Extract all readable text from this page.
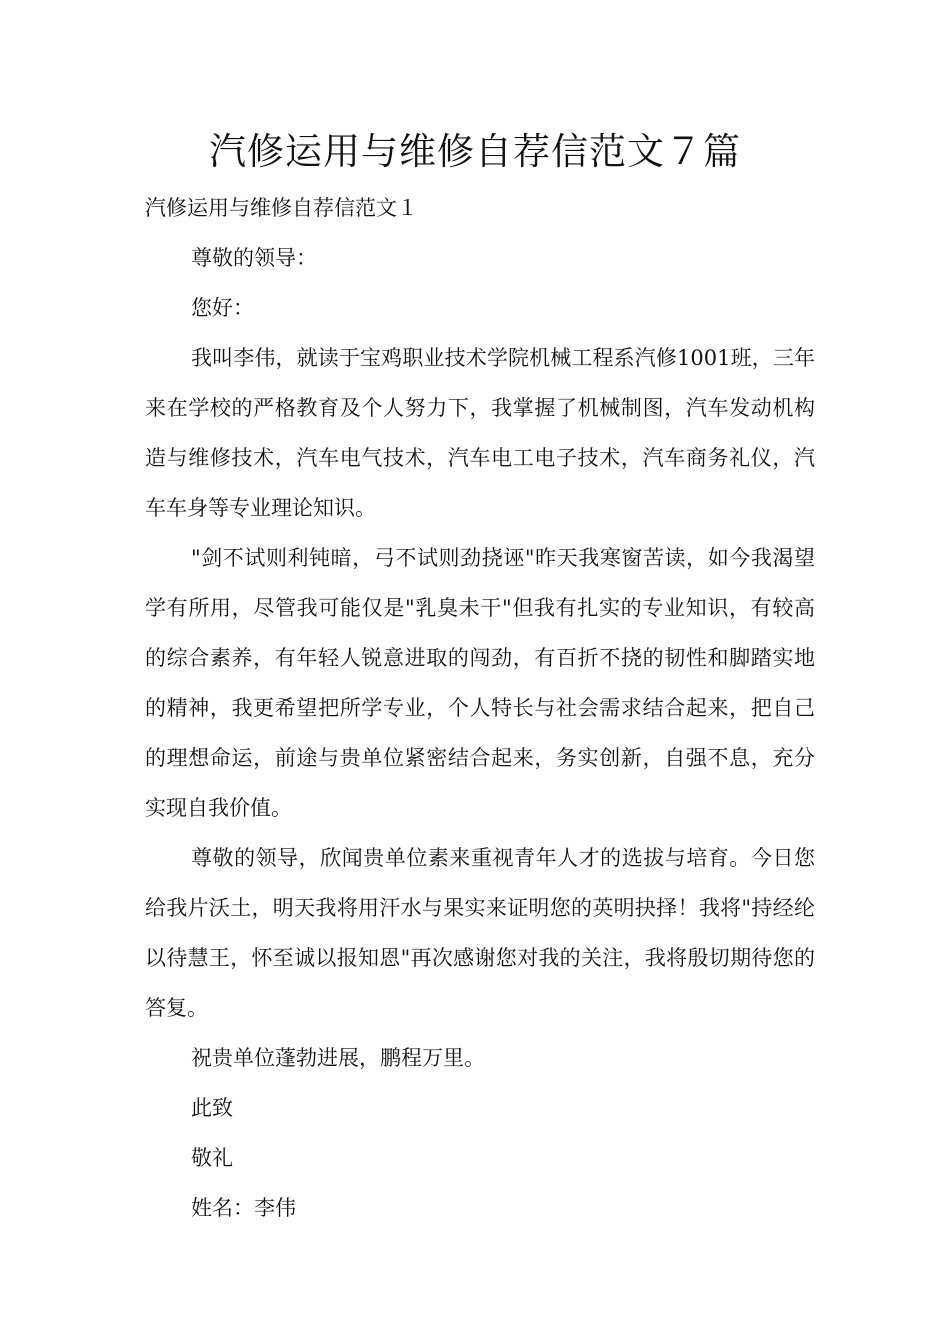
汽修运用与维修自荐信范文７篇

汽修运用与维修自荐信范文１

尊敬的领导：

您好：

我叫李伟，就读于宝鸡职业技术学院机械工程系汽修1001班，三年来在学校的严格教育及个人努力下，我掌握了机械制图，汽车发动机构造与维修技术，汽车电气技术，汽车电工电子技术，汽车商务礼仪，汽车车身等专业理论知识。

"剑不试则利钝暗，弓不试则劲挠诬"昨天我寒窗苦读，如今我渴望学有所用，尽管我可能仅是"乳臭未干"但我有扎实的专业知识，有较高的综合素养，有年轻人锐意进取的闯劲，有百折不挠的韧性和脚踏实地的精神，我更希望把所学专业，个人特长与社会需求结合起来，把自己的理想命运，前途与贵单位紧密结合起来，务实创新，自强不息，充分实现自我价值。

尊敬的领导，欣闻贵单位素来重视青年人才的选拔与培育。今日您给我片沃土，明天我将用汗水与果实来证明您的英明抉择！我将"持经纶以待慧王，怀至诚以报知恩"再次感谢您对我的关注，我将殷切期待您的答复。

祝贵单位蓬勃进展，鹏程万里。

此致

敬礼

姓名：李伟
